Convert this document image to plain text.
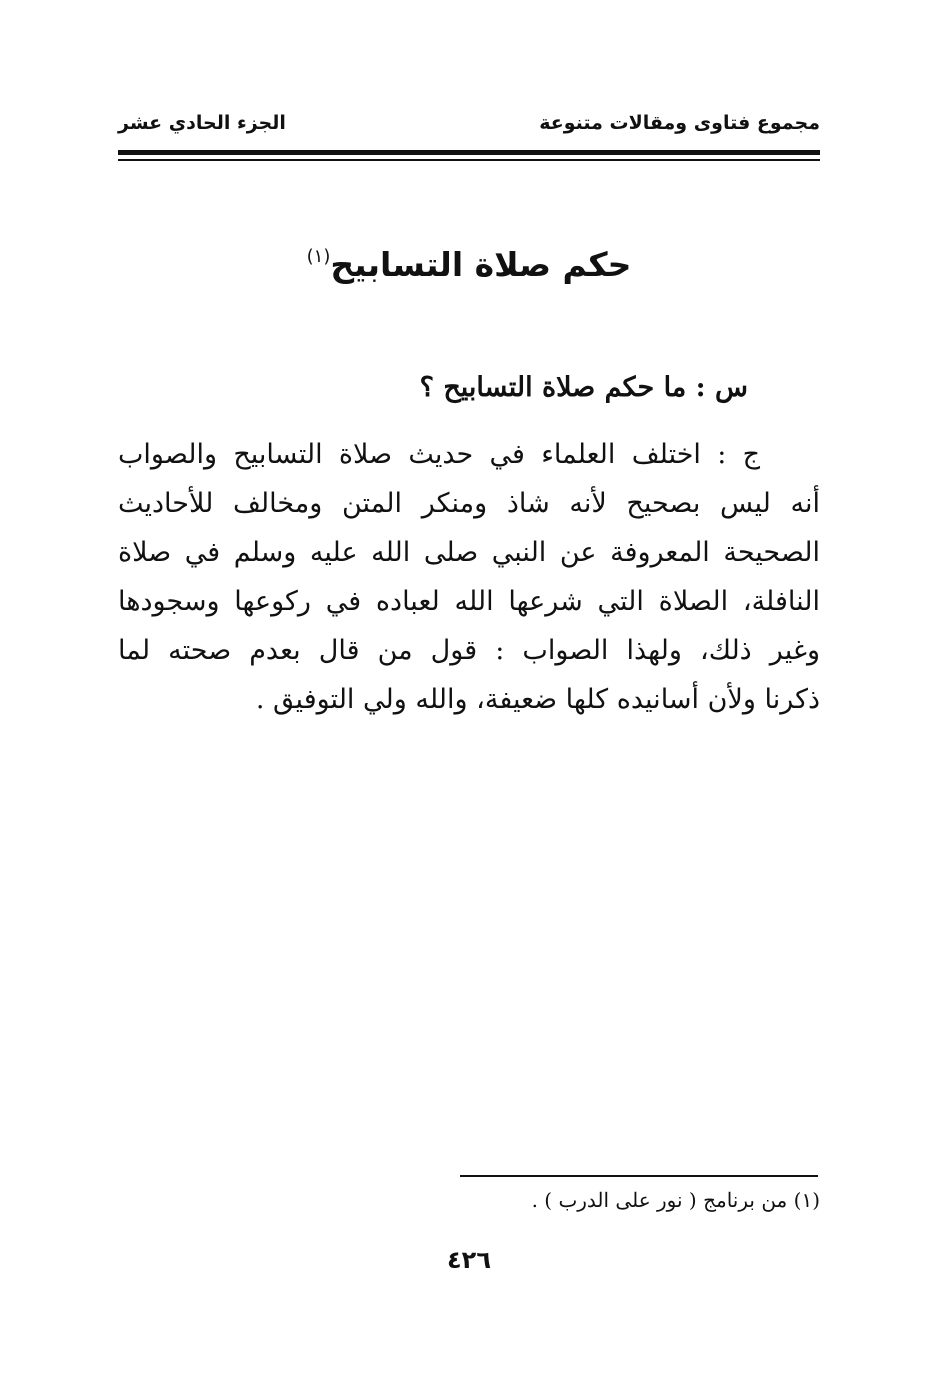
مجموع فتاوى ومقالات متنوعة
الجزء الحادي عشر
حكم صلاة التسابيح$^{(١)}$
س : ما حكم صلاة التسابيح ؟
ج : اختلف العلماء في حديث صلاة التسابيح والصواب
أنه ليس بصحيح لأنه شاذ ومنكر المتن ومخالف للأحاديث
الصحيحة المعروفة عن النبي صلى الله عليه وسلم في صلاة
النافلة، الصلاة التي شرعها الله لعباده في ركوعها وسجودها
وغير ذلك، ولهذا الصواب : قول من قال بعدم صحته لما
ذكرنا ولأن أسانيده كلها ضعيفة، والله ولي التوفيق .
(١) من برنامج ( نور على الدرب ) .
٤٢٦
